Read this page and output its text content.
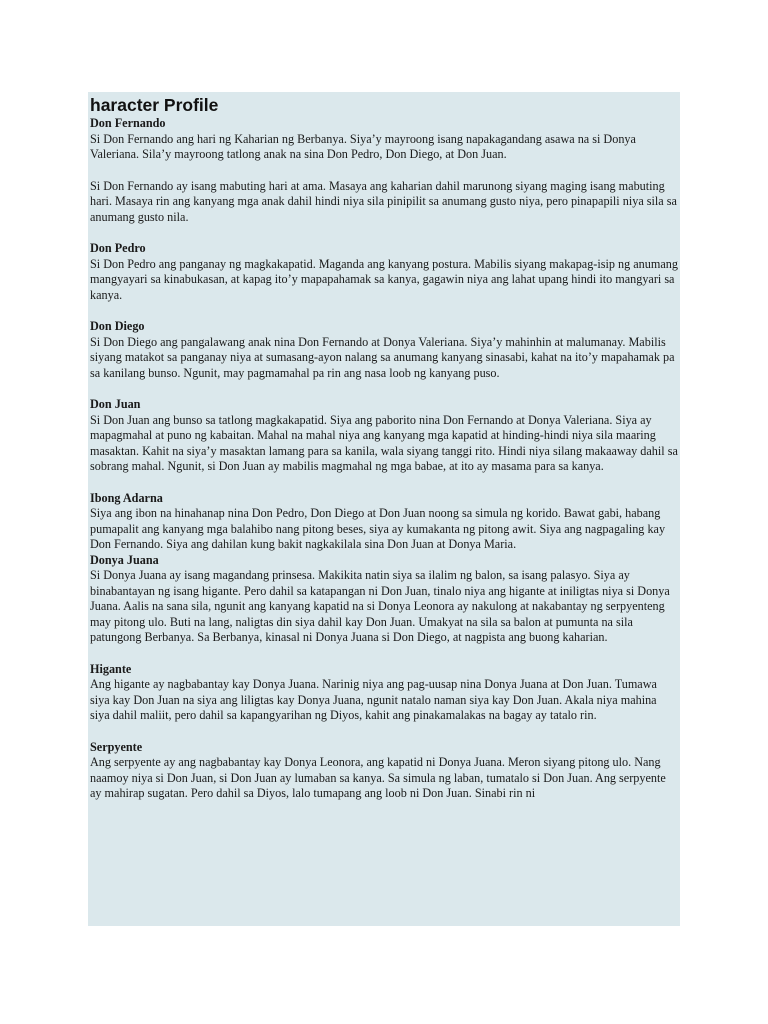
haracter Profile

Don Fernando

Si Don Fernando ang hari ng Kaharian ng Berbanya. Siya’y mayroong isang napakagandang asawa na si Donya Valeriana. Sila’y mayroong tatlong anak na sina Don Pedro, Don Diego, at Don Juan.

Si Don Fernando ay isang mabuting hari at ama. Masaya ang kaharian dahil marunong siyang maging isang mabuting hari. Masaya rin ang kanyang mga anak dahil hindi niya sila pinipilit sa anumang gusto niya, pero pinapapili niya sila sa anumang gusto nila.

Don Pedro

Si Don Pedro ang panganay ng magkakapatid. Maganda ang kanyang postura. Mabilis siyang makapag-isip ng anumang mangyayari sa kinabukasan, at kapag ito’y mapapahamak sa kanya, gagawin niya ang lahat upang hindi ito mangyari sa kanya.

Don Diego

Si Don Diego ang pangalawang anak nina Don Fernando at Donya Valeriana. Siya’y mahinhin at malumanay. Mabilis siyang matakot sa panganay niya at sumasang-ayon nalang sa anumang kanyang sinasabi, kahat na ito’y mapahamak pa sa kanilang bunso. Ngunit, may pagmamahal pa rin ang nasa loob ng kanyang puso.

Don Juan

Si Don Juan ang bunso sa tatlong magkakapatid. Siya ang paborito nina Don Fernando at Donya Valeriana. Siya ay mapagmahal at puno ng kabaitan. Mahal na mahal niya ang kanyang mga kapatid at hinding-hindi niya sila maaring masaktan. Kahit na siya’y masaktan lamang para sa kanila, wala siyang tanggi rito. Hindi niya silang makaaway dahil sa sobrang mahal. Ngunit, si Don Juan ay mabilis magmahal ng mga babae, at ito ay masama para sa kanya.

Ibong Adarna

Siya ang ibon na hinahanap nina Don Pedro, Don Diego at Don Juan noong sa simula ng korido. Bawat gabi, habang pumapalit ang kanyang mga balahibo nang pitong beses, siya ay kumakanta ng pitong awit. Siya ang nagpagaling kay Don Fernando. Siya ang dahilan kung bakit nagkakilala sina Don Juan at Donya Maria.

Donya Juana

Si Donya Juana ay isang magandang prinsesa. Makikita natin siya sa ilalim ng balon, sa isang palasyo. Siya ay binabantayan ng isang higante. Pero dahil sa katapangan ni Don Juan, tinalo niya ang higante at iniligtas niya si Donya Juana. Aalis na sana sila, ngunit ang kanyang kapatid na si Donya Leonora ay nakulong at nakabantay ng serpyenteng may pitong ulo. Buti na lang, naligtas din siya dahil kay Don Juan. Umakyat na sila sa balon at pumunta na sila patungong Berbanya. Sa Berbanya, kinasal ni Donya Juana si Don Diego, at nagpista ang buong kaharian.

Higante

Ang higante ay nagbabantay kay Donya Juana. Narinig niya ang pag-uusap nina Donya Juana at Don Juan. Tumawa siya kay Don Juan na siya ang liligtas kay Donya Juana, ngunit natalo naman siya kay Don Juan. Akala niya mahina siya dahil maliit, pero dahil sa kapangyarihan ng Diyos, kahit ang pinakamalakas na bagay ay tatalo rin.

Serpyente

Ang serpyente ay ang nagbabantay kay Donya Leonora, ang kapatid ni Donya Juana. Meron siyang pitong ulo. Nang naamoy niya si Don Juan, si Don Juan ay lumaban sa kanya. Sa simula ng laban, tumatalo si Don Juan. Ang serpyente ay mahirap sugatan. Pero dahil sa Diyos, lalo tumapang ang loob ni Don Juan. Sinabi rin ni
